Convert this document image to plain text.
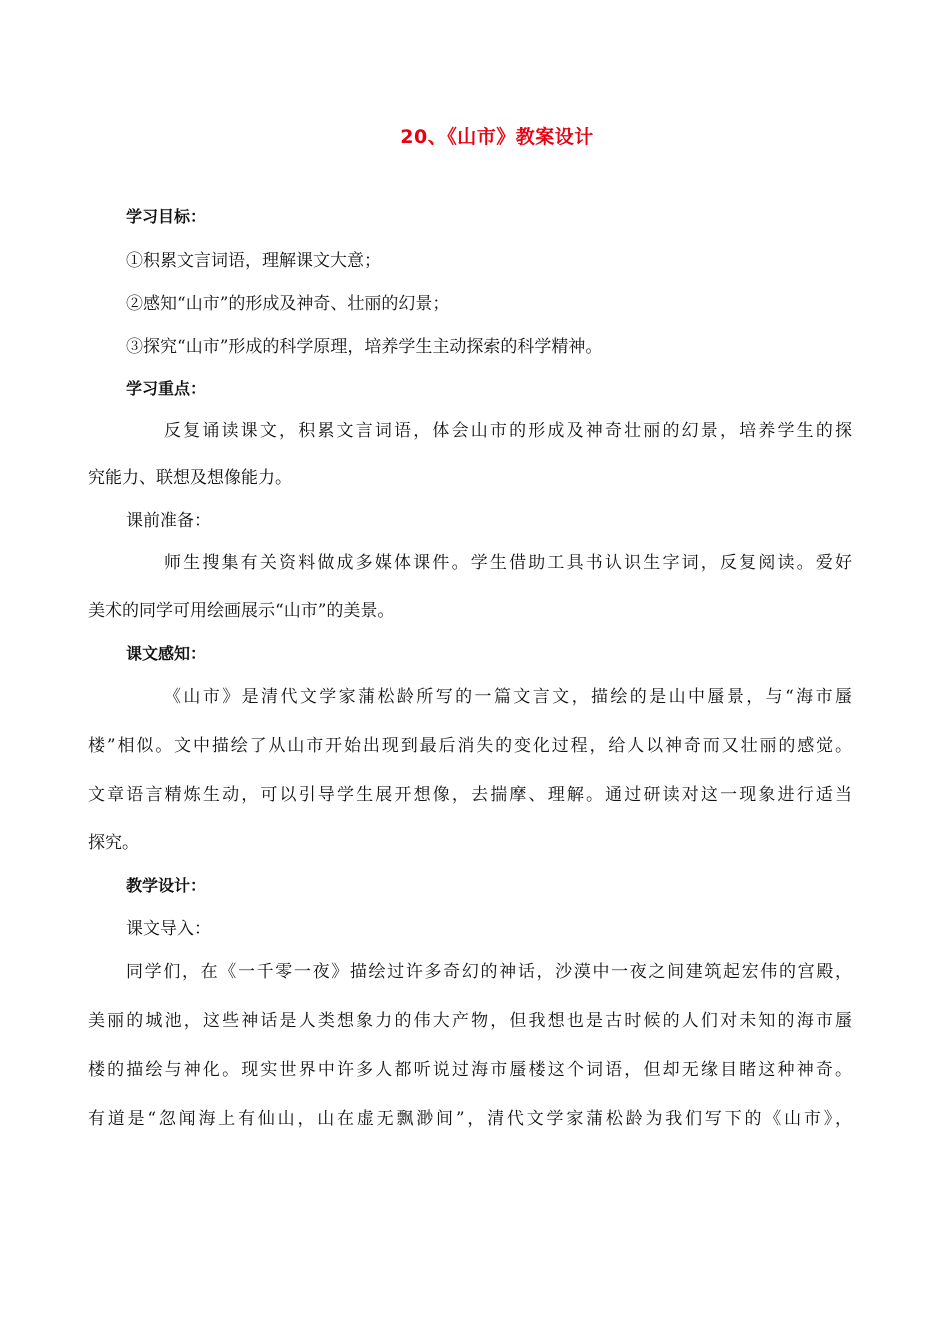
20、《山市》教案设计
学习目标：
①积累文言词语，理解课文大意；
②感知“山市”的形成及神奇、壮丽的幻景；
③探究“山市”形成的科学原理，培养学生主动探索的科学精神。
学习重点：
反复诵读课文，积累文言词语，体会山市的形成及神奇壮丽的幻景，培养学生的探
究能力、联想及想像能力。
课前准备：
师生搜集有关资料做成多媒体课件。学生借助工具书认识生字词，反复阅读。爱好
美术的同学可用绘画展示“山市”的美景。
课文感知：
《山市》是清代文学家蒲松龄所写的一篇文言文，描绘的是山中蜃景，与“海市蜃
楼”相似。文中描绘了从山市开始出现到最后消失的变化过程，给人以神奇而又壮丽的感觉。
文章语言精炼生动，可以引导学生展开想像，去揣摩、理解。通过研读对这一现象进行适当
探究。
教学设计：
课文导入：
同学们，在《一千零一夜》描绘过许多奇幻的神话，沙漠中一夜之间建筑起宏伟的宫殿，
美丽的城池，这些神话是人类想象力的伟大产物，但我想也是古时候的人们对未知的海市蜃
楼的描绘与神化。现实世界中许多人都听说过海市蜃楼这个词语，但却无缘目睹这种神奇。
有道是“忽闻海上有仙山，山在虚无飘渺间”，清代文学家蒲松龄为我们写下的《山市》，
